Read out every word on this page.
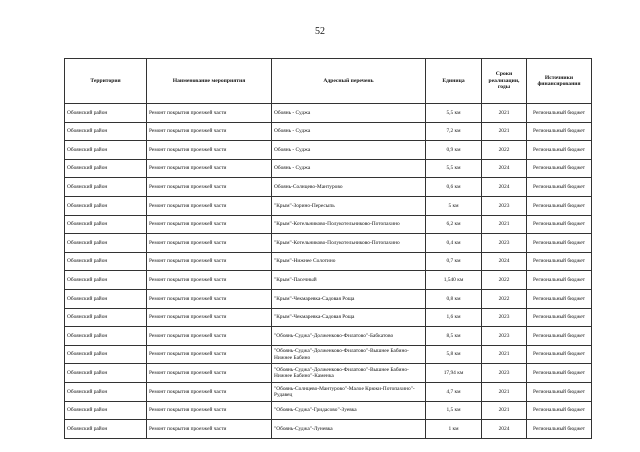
52
Территория	Наименование мероприятия	Адресный перечень	Единица	Сроки реализации, годы	Источники финансирования
Обоянский район	Ремонт покрытия проезжей части	Обоянь - Суджа	5,5 км	2021	Региональный бюджет
Обоянский район	Ремонт покрытия проезжей части	Обоянь - Суджа	7,2 км	2021	Региональный бюджет
Обоянский район	Ремонт покрытия проезжей части	Обоянь - Суджа	0,9 км	2022	Региональный бюджет
Обоянский район	Ремонт покрытия проезжей части	Обоянь - Суджа	5,5 км	2024	Региональный бюджет
Обоянский район	Ремонт покрытия проезжей части	Обоянь-Солнцево-Мантурово	0,6 км	2024	Региональный бюджет
Обоянский район	Ремонт покрытия проезжей части	"Крым"-Зорино-Пересыпь	5 км	2023	Региональный бюджет
Обоянский район	Ремонт покрытия проезжей части	"Крым"-Котельниково-Полукотельниково-Потопахино	6,2 км	2021	Региональный бюджет
Обоянский район	Ремонт покрытия проезжей части	"Крым"-Котельниково-Полукотельниково-Потопахино	0,4 км	2023	Региональный бюджет
Обоянский район	Ремонт покрытия проезжей части	"Крым"-Нижнее Солотино	0,7 км	2024	Региональный бюджет
Обоянский район	Ремонт покрытия проезжей части	"Крым"-Пасечный	1,540 км	2022	Региональный бюджет
Обоянский район	Ремонт покрытия проезжей части	"Крым"-Чекмаревка-Садовая Роща	0,8 км	2022	Региональный бюджет
Обоянский район	Ремонт покрытия проезжей части	"Крым"-Чекмаревка-Садовая Роща	1,6 км	2023	Региональный бюджет
Обоянский район	Ремонт покрытия проезжей части	"Обоянь-Суджа"-Долженково-Филатово"-Бабкатово	8,5 км	2023	Региональный бюджет
Обоянский район	Ремонт покрытия проезжей части	"Обоянь-Суджа"-Долженково-Филатово"-Вышнее Бабино-Нижнее Бабино	5,8 км	2021	Региональный бюджет
Обоянский район	Ремонт покрытия проезжей части	"Обоянь-Суджа"-Долженково-Филатово"-Вышнее Бабино-Нижнее Бабино"-Каменка	17,94 км	2023	Региональный бюджет
Обоянский район	Ремонт покрытия проезжей части	"Обоянь-Солнцево-Мантурово"-Малое Крюки-Потопахино"-Рудавец	4,7 км	2021	Региональный бюджет
Обоянский район	Ремонт покрытия проезжей части	"Обоянь-Суджа"-Гридасово"-Зуевка	1,5 км	2021	Региональный бюджет
Обоянский район	Ремонт покрытия проезжей части	"Обоянь-Суджа"-Луневка	1 км	2024	Региональный бюджет
